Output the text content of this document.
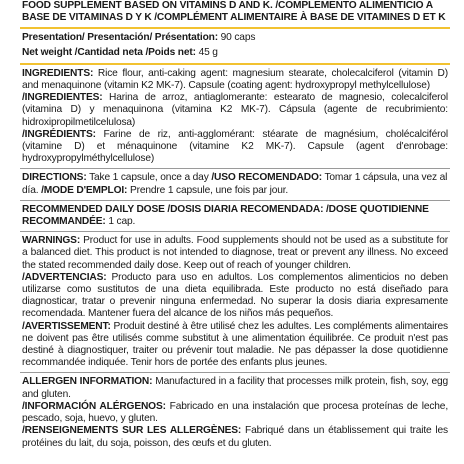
FOOD SUPPLEMENT BASED ON VITAMINS D AND K. /COMPLEMENTO ALIMENTICIO A BASE DE VITAMINAS D Y K /COMPLÉMENT ALIMENTAIRE À BASE DE VITAMINES D ET K
Presentation/ Presentación/ Présentation: 90 caps
Net weight /Cantidad neta /Poids net: 45 g

INGREDIENTS: Rice flour, anti-caking agent: magnesium stearate, cholecalciferol (vitamin D) and menaquinone (vitamin K2 MK-7). Capsule (coating agent: hydroxypropyl methylcellulose)

/INGREDIENTES: Harina de arroz, antiaglomerante: estearato de magnesio, colecalciferol (vitamina D) y menaquinona (vitamina K2 MK-7). Cápsula (agente de recubrimiento: hidroxipropilmetilcelulosa)

/INGRÉDIENTS: Farine de riz, anti-agglomérant: stéarate de magnésium, cholécalciférol (vitamine D) et ménaquinone (vitamine K2 MK-7). Capsule (agent d'enrobage: hydroxypropylméthylcellulose)

DIRECTIONS: Take 1 capsule, once a day /USO RECOMENDADO: Tomar 1 cápsula, una vez al día. /MODE D'EMPLOI: Prendre 1 capsule, une fois par jour.

RECOMMENDED DAILY DOSE /DOSIS DIARIA RECOMENDADA: /DOSE QUOTIDIENNE RECOMMANDÉE: 1 cap.

WARNINGS: Product for use in adults. Food supplements should not be used as a substitute for a balanced diet. This product is not intended to diagnose, treat or prevent any illness. No exceed the stated recommended daily dose. Keep out of reach of younger children.

/ADVERTENCIAS: Producto para uso en adultos. Los complementos alimenticios no deben utilizarse como sustitutos de una dieta equilibrada. Este producto no está diseñado para diagnosticar, tratar o prevenir ninguna enfermedad. No superar la dosis diaria expresamente recomendada. Mantener fuera del alcance de los niños más pequeños.

/AVERTISSEMENT: Produit destiné à être utilisé chez les adultes. Les compléments alimentaires ne doivent pas être utilisés comme substitut à une alimentation équilibrée. Ce produit n'est pas destiné à diagnostiquer, traiter ou prévenir tout maladie. Ne pas dépasser la dose quotidienne recommandée indiquée. Tenir hors de portée des enfants plus jeunes.

ALLERGEN INFORMATION: Manufactured in a facility that processes milk protein, fish, soy, egg and gluten.

/INFORMACIÓN ALÉRGENOS: Fabricado en una instalación que procesa proteínas de leche, pescado, soja, huevo, y gluten.

/RENSEIGNEMENTS SUR LES ALLERGÈNES: Fabriqué dans un établissement qui traite les protéines du lait, du soja, poisson, des œufs et du gluten.
